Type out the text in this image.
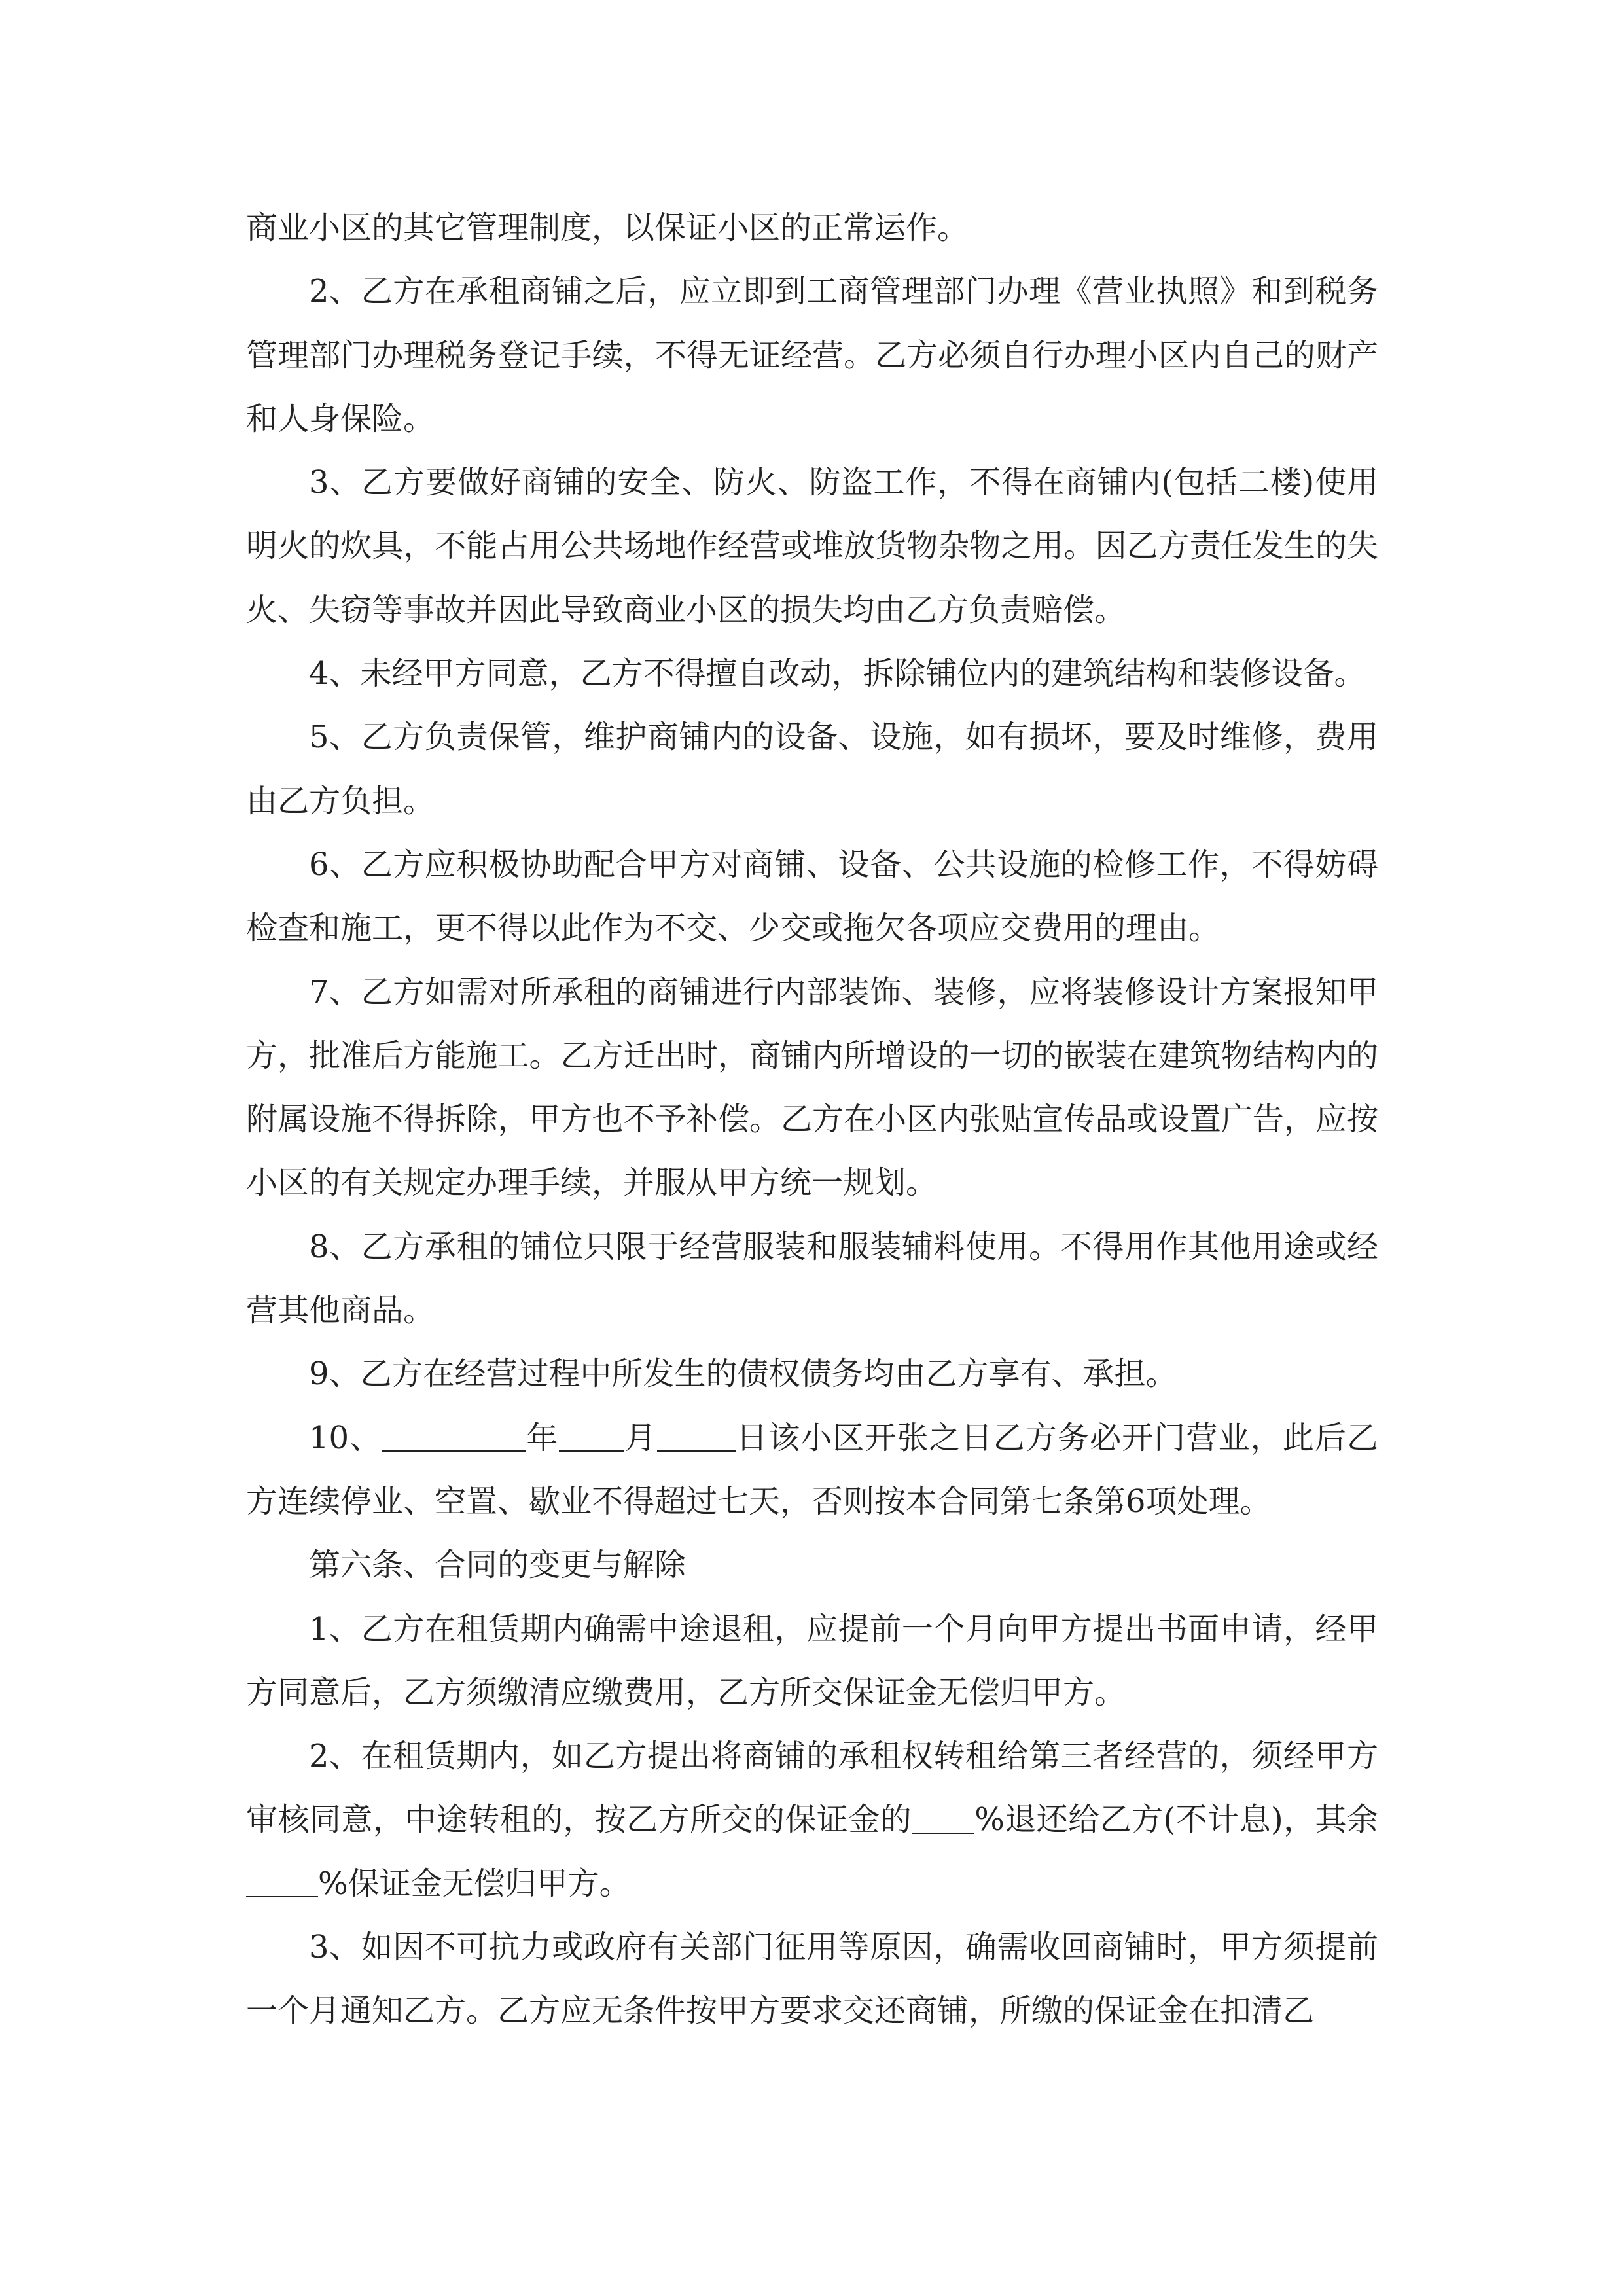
商业小区的其它管理制度，以保证小区的正常运作。

2、乙方在承租商铺之后，应立即到工商管理部门办理《营业执照》和到税务管理部门办理税务登记手续，不得无证经营。乙方必须自行办理小区内自己的财产和人身保险。

3、乙方要做好商铺的安全、防火、防盗工作，不得在商铺内(包括二楼)使用明火的炊具，不能占用公共场地作经营或堆放货物杂物之用。因乙方责任发生的失火、失窃等事故并因此导致商业小区的损失均由乙方负责赔偿。

4、未经甲方同意，乙方不得擅自改动，拆除铺位内的建筑结构和装修设备。

5、乙方负责保管，维护商铺内的设备、设施，如有损坏，要及时维修，费用由乙方负担。

6、乙方应积极协助配合甲方对商铺、设备、公共设施的检修工作，不得妨碍检查和施工，更不得以此作为不交、少交或拖欠各项应交费用的理由。

7、乙方如需对所承租的商铺进行内部装饰、装修，应将装修设计方案报知甲方，批准后方能施工。乙方迁出时，商铺内所增设的一切的嵌装在建筑物结构内的附属设施不得拆除，甲方也不予补偿。乙方在小区内张贴宣传品或设置广告，应按小区的有关规定办理手续，并服从甲方统一规划。

8、乙方承租的铺位只限于经营服装和服装辅料使用。不得用作其他用途或经营其他商品。

9、乙方在经营过程中所发生的债权债务均由乙方享有、承担。

10、	年 月	日该小区开张之日乙方务必开门营业，此后乙方连续停业、空置、歇业不得超过七天，否则按本合同第七条第6项处理。

第六条、合同的变更与解除

1、乙方在租赁期内确需中途退租，应提前一个月向甲方提出书面申请，经甲方同意后，乙方须缴清应缴费用，乙方所交保证金无偿归甲方。

2、在租赁期内，如乙方提出将商铺的承租权转租给第三者经营的，须经甲方审核同意，中途转租的，按乙方所交的保证金的 %退还给乙方(不计息)，其余%保证金无偿归甲方。

3、如因不可抗力或政府有关部门征用等原因，确需收回商铺时，甲方须提前一个月通知乙方。乙方应无条件按甲方要求交还商铺，所缴的保证金在扣清乙
